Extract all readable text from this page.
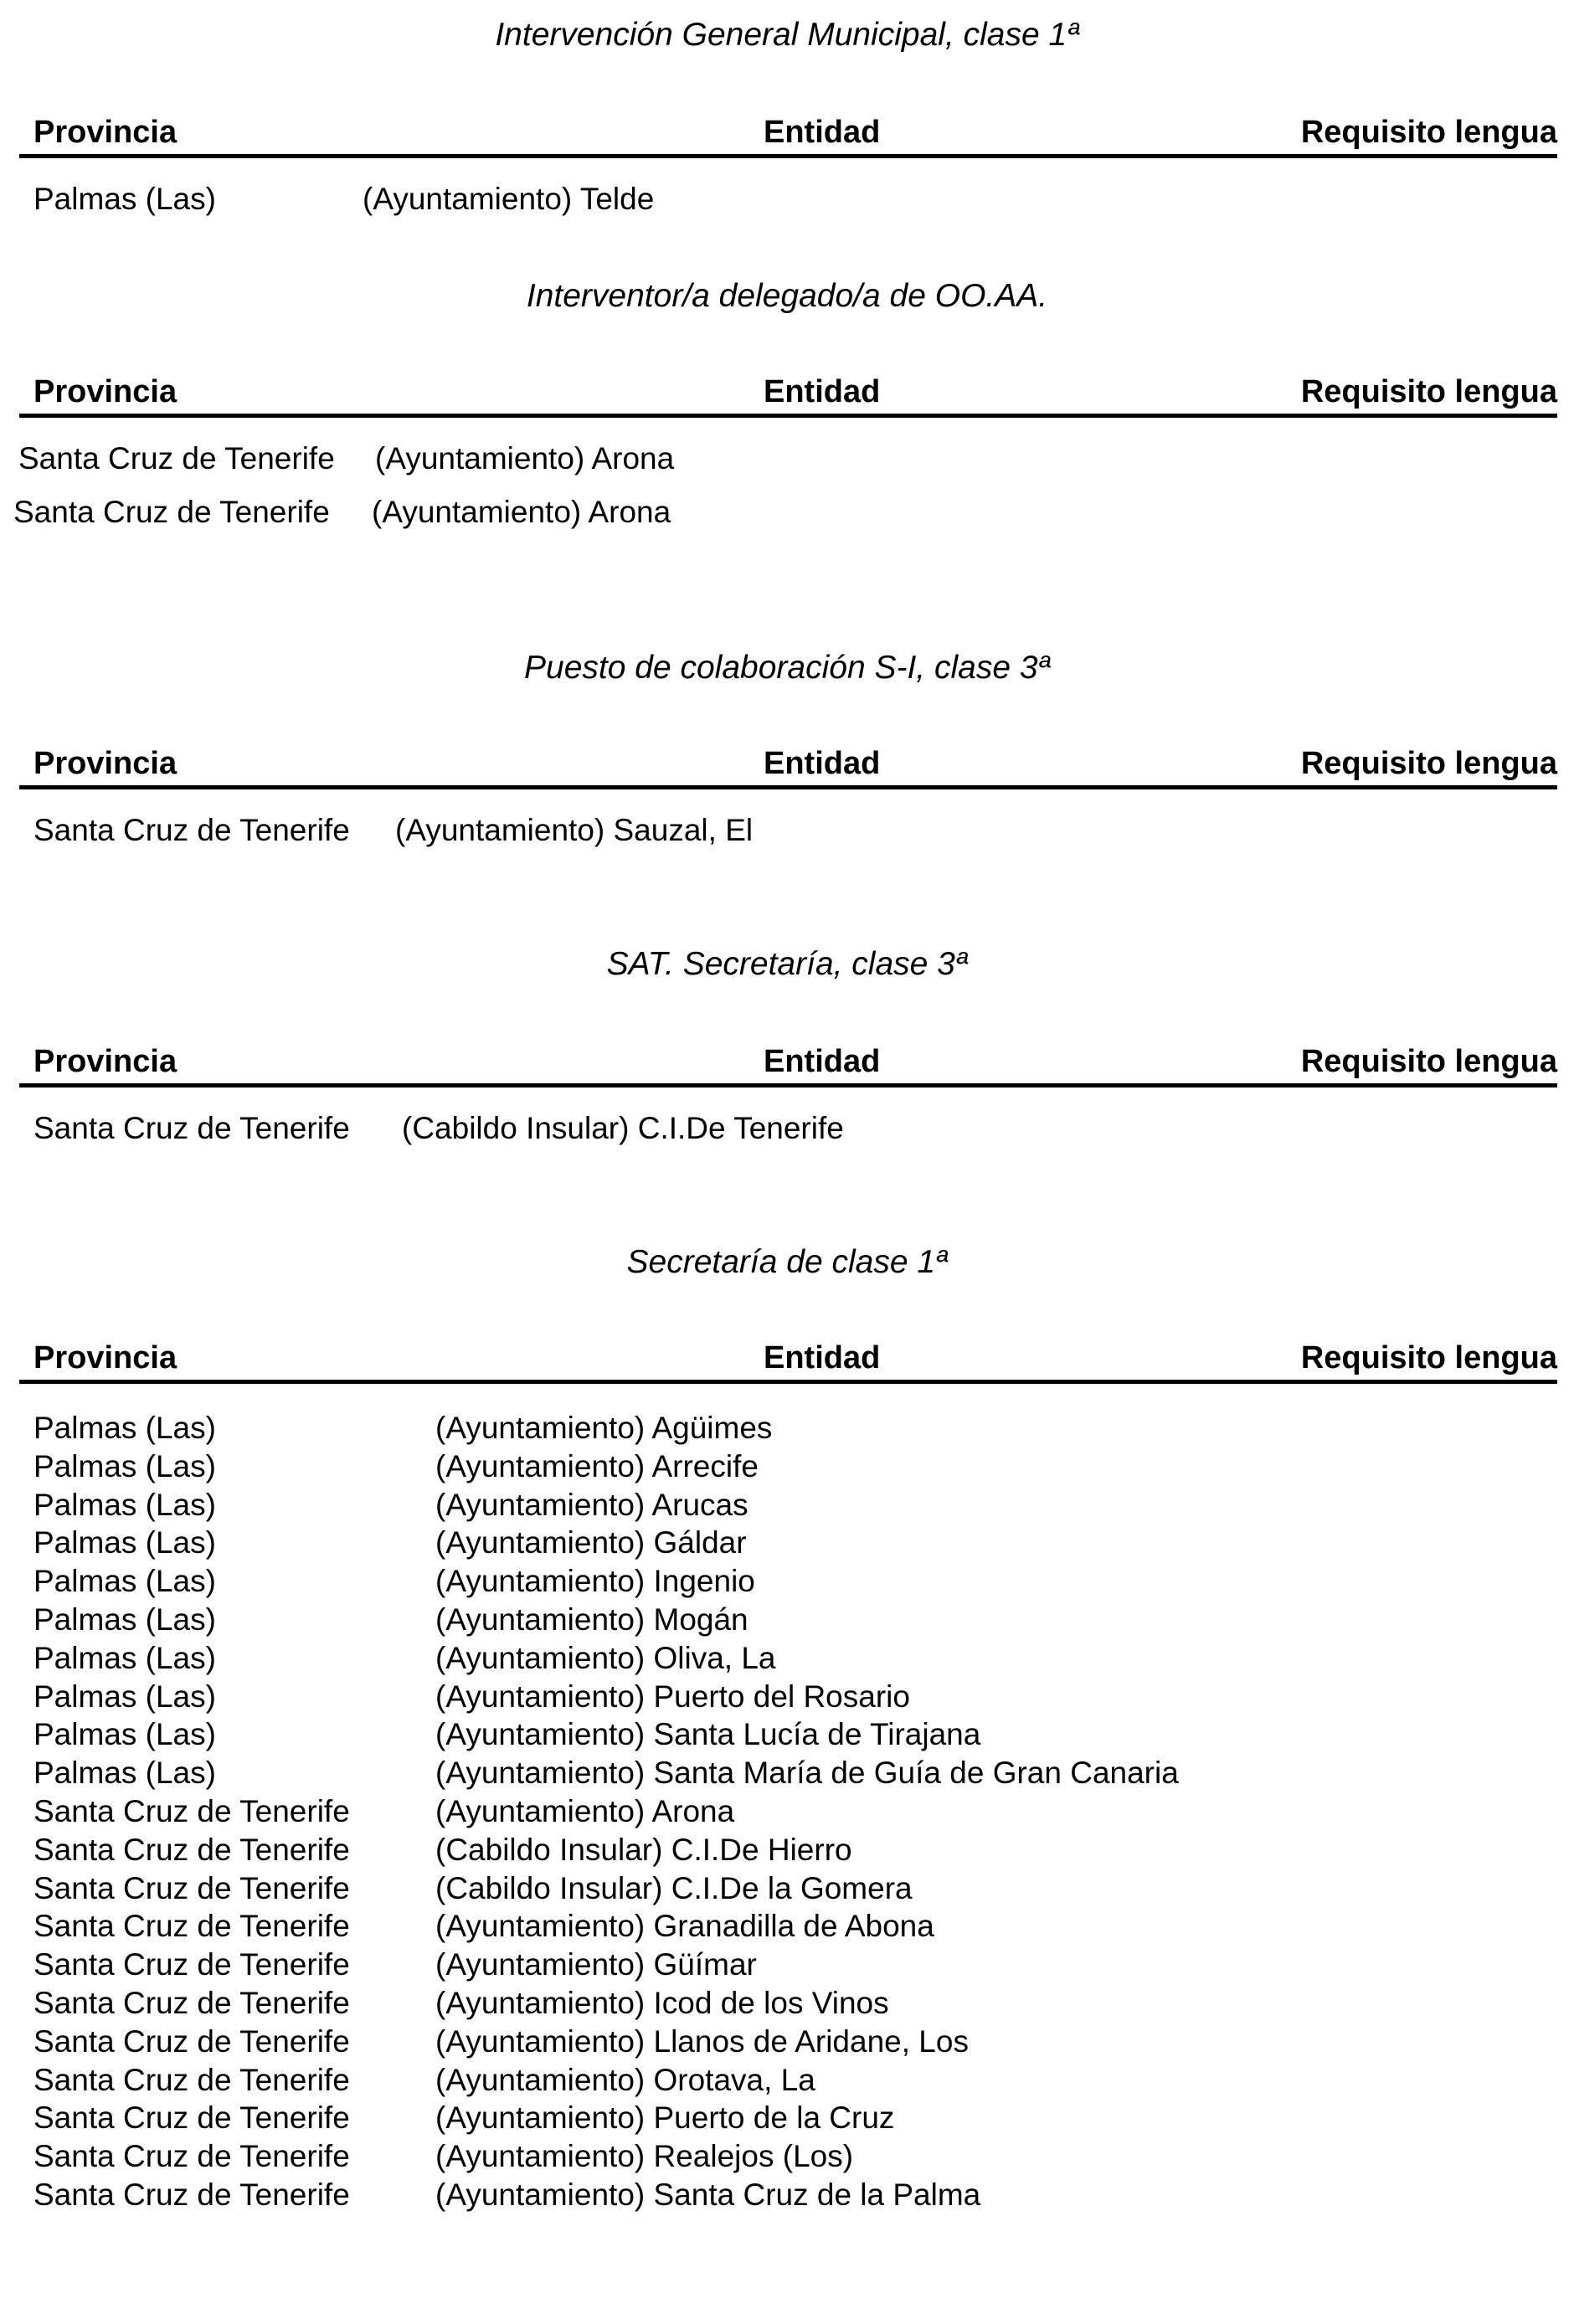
Intervención General Municipal, clase 1ª
Provincia	Entidad	Requisito lengua
Palmas (Las)	(Ayuntamiento) Telde
Interventor/a delegado/a de OO.AA.
Provincia	Entidad	Requisito lengua
Santa Cruz de Tenerife (Ayuntamiento) Arona
Santa Cruz de Tenerife (Ayuntamiento) Arona
Puesto de colaboración S-I, clase 3ª
Provincia	Entidad	Requisito lengua
Santa Cruz de Tenerife (Ayuntamiento) Sauzal, El
SAT. Secretaría, clase 3ª
Provincia	Entidad	Requisito lengua
Santa Cruz de Tenerife (Cabildo Insular) C.I.De Tenerife
Secretaría de clase 1ª
Provincia	Entidad	Requisito lengua
Palmas (Las)	(Ayuntamiento) Agüimes
Palmas (Las)	(Ayuntamiento) Arrecife
Palmas (Las)	(Ayuntamiento) Arucas
Palmas (Las)	(Ayuntamiento) Gáldar
Palmas (Las)	(Ayuntamiento) Ingenio
Palmas (Las)	(Ayuntamiento) Mogán
Palmas (Las)	(Ayuntamiento) Oliva, La
Palmas (Las)	(Ayuntamiento) Puerto del Rosario
Palmas (Las)	(Ayuntamiento) Santa Lucía de Tirajana
Palmas (Las)	(Ayuntamiento) Santa María de Guía de Gran Canaria
Santa Cruz de Tenerife	(Ayuntamiento) Arona
Santa Cruz de Tenerife	(Cabildo Insular) C.I.De Hierro
Santa Cruz de Tenerife	(Cabildo Insular) C.I.De la Gomera
Santa Cruz de Tenerife	(Ayuntamiento) Granadilla de Abona
Santa Cruz de Tenerife	(Ayuntamiento) Güímar
Santa Cruz de Tenerife	(Ayuntamiento) Icod de los Vinos
Santa Cruz de Tenerife	(Ayuntamiento) Llanos de Aridane, Los
Santa Cruz de Tenerife	(Ayuntamiento) Orotava, La
Santa Cruz de Tenerife	(Ayuntamiento) Puerto de la Cruz
Santa Cruz de Tenerife	(Ayuntamiento) Realejos (Los)
Santa Cruz de Tenerife	(Ayuntamiento) Santa Cruz de la Palma
